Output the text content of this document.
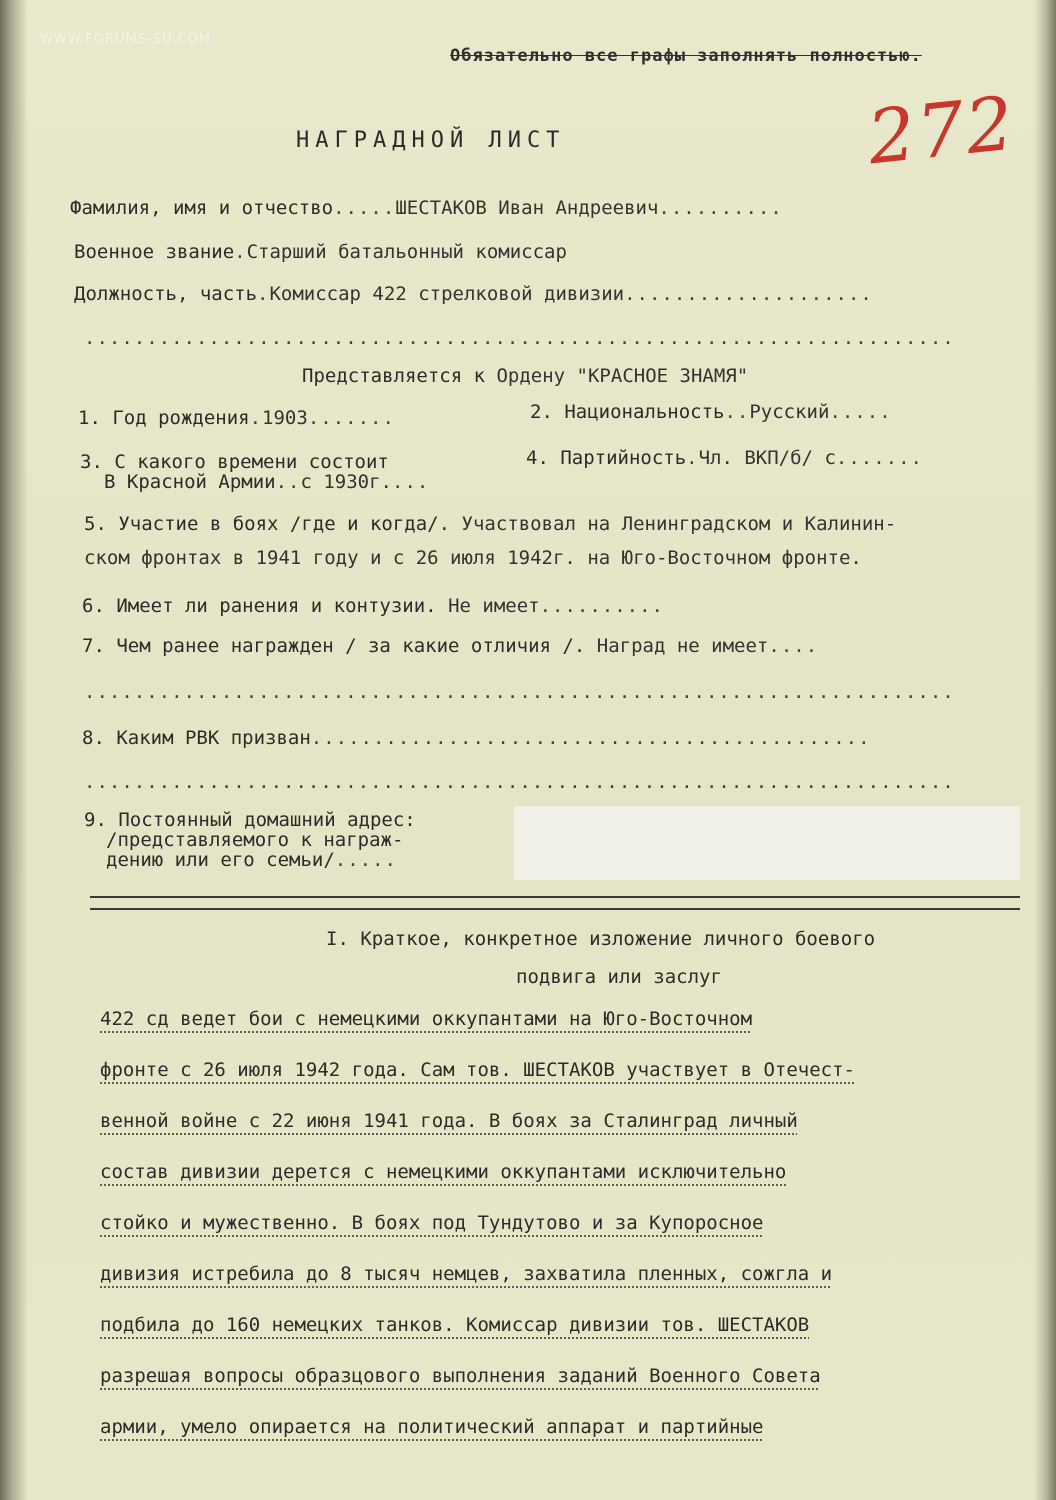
WWW.FORUMS-SU.COM
Обязательно все графы заполнять полностью.
272
НАГРАДНОЙ ЛИСТ
Фамилия, имя и отчество.....ШЕСТАКОВ Иван Андреевич..........
Военное звание.Старший батальонный комиссар
Должность, часть.Комиссар 422 стрелковой дивизии....................
......................................................................
Представляется к Ордену "КРАСНОЕ ЗНАМЯ"
1. Год рождения.1903.......	2. Национальность..Русский.....
3. С какого времени состоит
В Красной Армии..с 1930г....
4. Партийность.Чл. ВКП/б/ с.......
5. Участие в боях /где и когда/. Участвовал на Ленинградском и Калинин-
ском фронтах в 1941 году и с 26 июля 1942г. на Юго-Восточном фронте.
6. Имеет ли ранения и контузии. Не имеет..........
7. Чем ранее награжден / за какие отличия /. Наград не имеет....
......................................................................
8. Каким РВК призван.............................................
......................................................................
9. Постоянный домашний адрес:
/представляемого к награж-
дению или его семьи/.....
I. Краткое, конкретное изложение личного боевого
подвига или заслуг

422 сд ведет бои с немецкими оккупантами на Юго-Восточном
фронте с 26 июля 1942 года. Сам тов. ШЕСТАКОВ участвует в Отечест-
венной войне с 22 июня 1941 года. В боях за Сталинград личный
состав дивизии дерется с немецкими оккупантами исключительно
стойко и мужественно. В боях под Тундутово и за Купоросное
дивизия истребила до 8 тысяч немцев, захватила пленных, сожгла и
подбила до 160 немецких танков. Комиссар дивизии тов. ШЕСТАКОВ
разрешая вопросы образцового выполнения заданий Военного Совета
армии, умело опирается на политический аппарат и партийные
